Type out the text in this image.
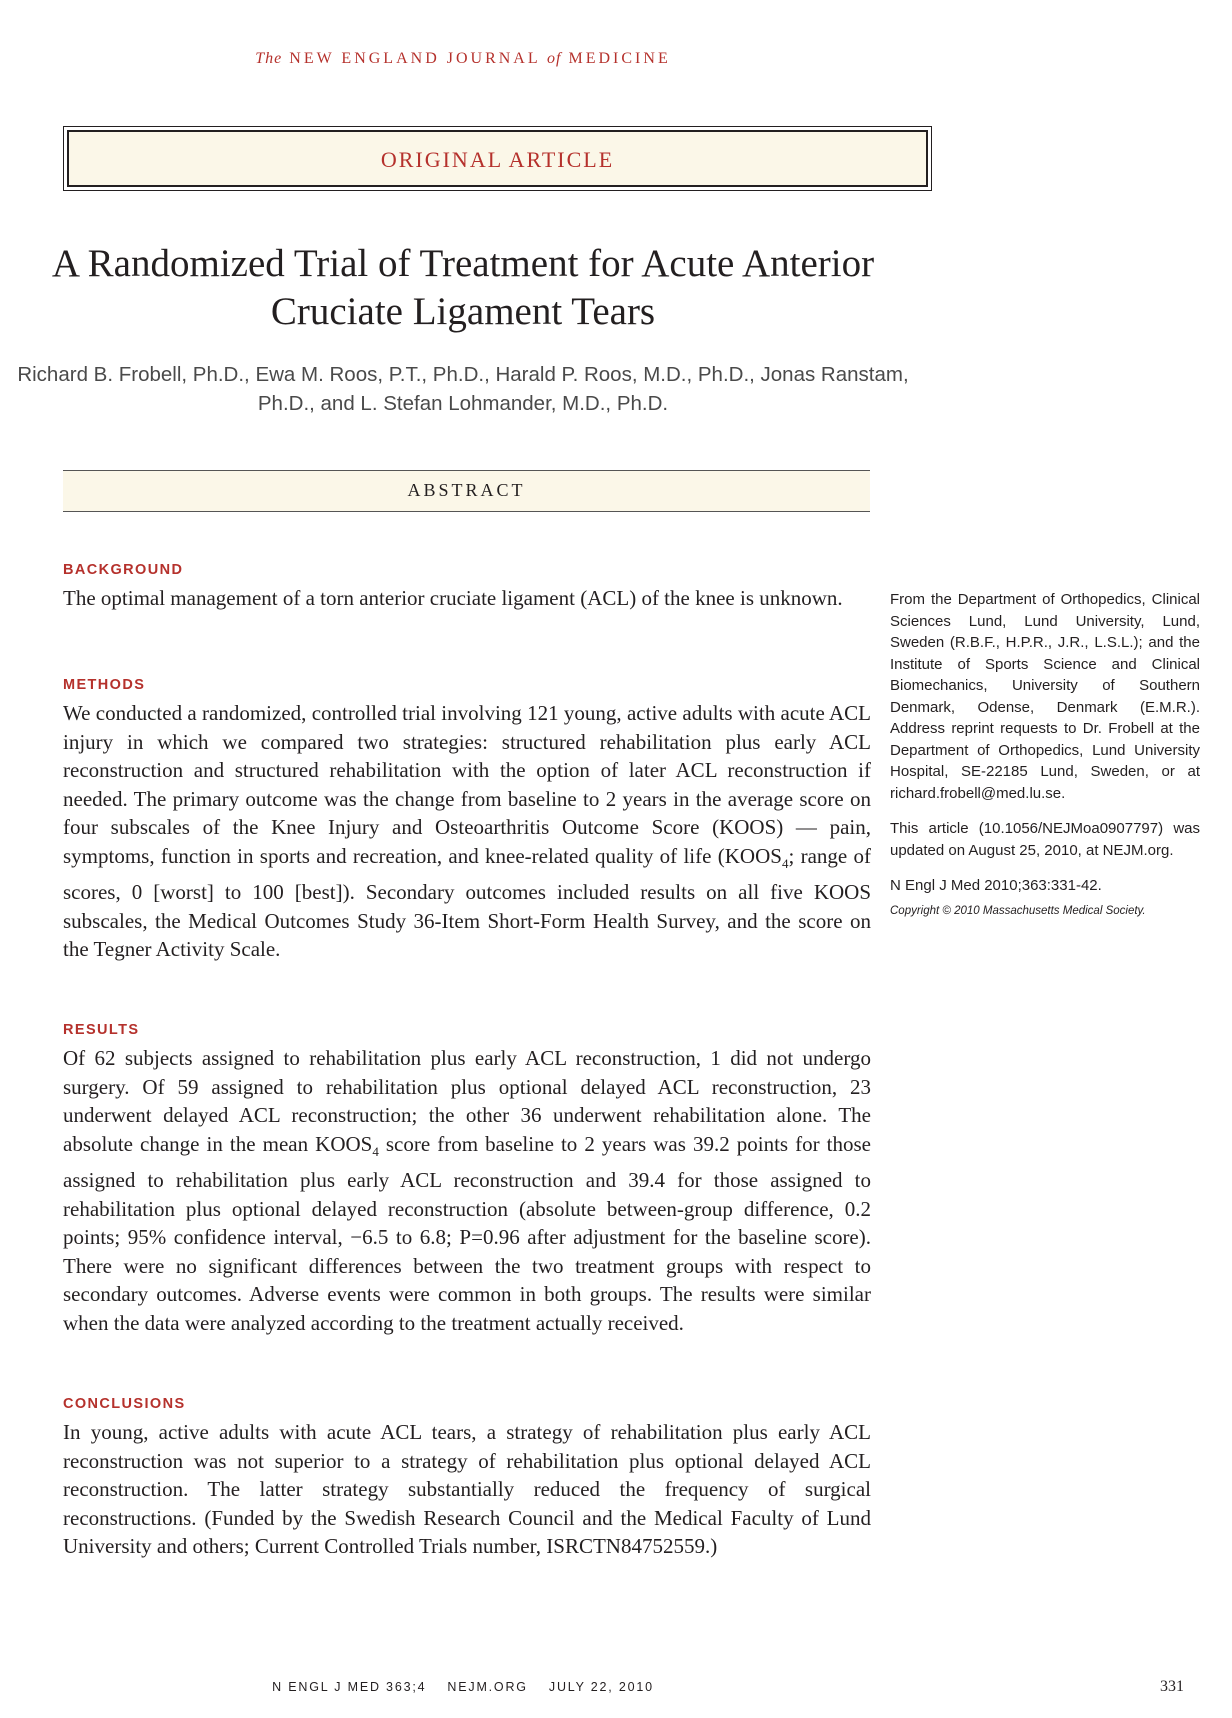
The NEW ENGLAND JOURNAL of MEDICINE
ORIGINAL ARTICLE
A Randomized Trial of Treatment for Acute Anterior Cruciate Ligament Tears
Richard B. Frobell, Ph.D., Ewa M. Roos, P.T., Ph.D., Harald P. Roos, M.D., Ph.D., Jonas Ranstam, Ph.D., and L. Stefan Lohmander, M.D., Ph.D.
ABSTRACT
BACKGROUND
The optimal management of a torn anterior cruciate ligament (ACL) of the knee is unknown.
METHODS
We conducted a randomized, controlled trial involving 121 young, active adults with acute ACL injury in which we compared two strategies: structured rehabilitation plus early ACL reconstruction and structured rehabilitation with the option of later ACL reconstruction if needed. The primary outcome was the change from baseline to 2 years in the average score on four subscales of the Knee Injury and Osteoarthritis Outcome Score (KOOS) — pain, symptoms, function in sports and recreation, and knee-related quality of life ($KOOS_4$; range of scores, 0 [worst] to 100 [best]). Secondary outcomes included results on all five KOOS subscales, the Medical Outcomes Study 36-Item Short-Form Health Survey, and the score on the Tegner Activity Scale.
RESULTS
Of 62 subjects assigned to rehabilitation plus early ACL reconstruction, 1 did not undergo surgery. Of 59 assigned to rehabilitation plus optional delayed ACL reconstruction, 23 underwent delayed ACL reconstruction; the other 36 underwent rehabilitation alone. The absolute change in the mean $KOOS_4$ score from baseline to 2 years was 39.2 points for those assigned to rehabilitation plus early ACL reconstruction and 39.4 for those assigned to rehabilitation plus optional delayed reconstruction (absolute between-group difference, 0.2 points; 95% confidence interval, −6.5 to 6.8; P=0.96 after adjustment for the baseline score). There were no significant differences between the two treatment groups with respect to secondary outcomes. Adverse events were common in both groups. The results were similar when the data were analyzed according to the treatment actually received.
CONCLUSIONS
In young, active adults with acute ACL tears, a strategy of rehabilitation plus early ACL reconstruction was not superior to a strategy of rehabilitation plus optional delayed ACL reconstruction. The latter strategy substantially reduced the frequency of surgical reconstructions. (Funded by the Swedish Research Council and the Medical Faculty of Lund University and others; Current Controlled Trials number, ISRCTN84752559.)

From the Department of Orthopedics, Clinical Sciences Lund, Lund University, Lund, Sweden (R.B.F., H.P.R., J.R., L.S.L.); and the Institute of Sports Science and Clinical Biomechanics, University of Southern Denmark, Odense, Denmark (E.M.R.). Address reprint requests to Dr. Frobell at the Department of Orthopedics, Lund University Hospital, SE-22185 Lund, Sweden, or at richard.frobell@med.lu.se.

This article (10.1056/NEJMoa0907797) was updated on August 25, 2010, at NEJM.org.

N Engl J Med 2010;363:331-42.

Copyright © 2010 Massachusetts Medical Society.

N ENGL J MED 363;4    NEJM.ORG    JULY 22, 2010	331
